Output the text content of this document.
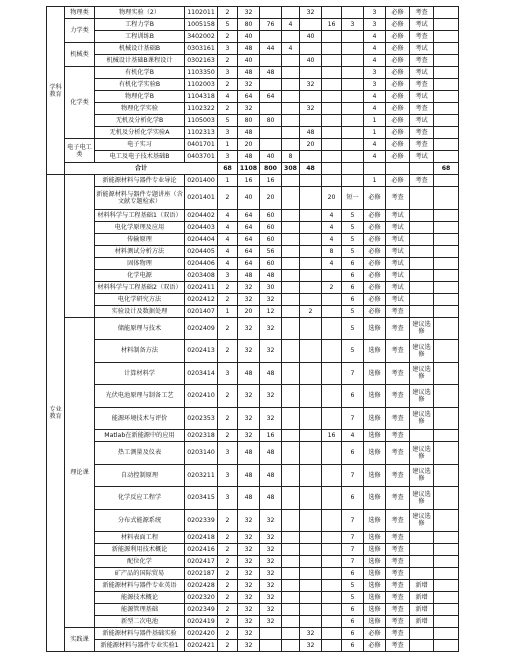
学科教育	物理类	物理实验（2）	1102011	2	32			32			3	必修	考查		
	力学类	工程力学B	1005158	5	80	76	4		16	3	3	必修	考试		
		工程训练B	3402002	2	40			40			4	必修	考查		
	机械类	机械设计基础B	0303161	3	48	44	4				4	必修	考试		
		机械设计基础B课程设计	0302163	2	40			40			4	必修	考查		
	化学类	有机化学B	1103350	3	48	48					3	必修	考试		
		有机化学实验B	1102003	2	32			32			3	必修	考查		
		物理化学B	1104318	4	64	64					4	必修	考试		
		物理化学实验	1102322	2	32			32			4	必修	考查		
		无机及分析化学B	1105003	5	80	80					1	必修	考试		
		无机及分析化学实验A	1102313	3	48			48			1	必修	考查		
	电子电工类	电子实习	0401701	1	20			20			4	必修	考查		
		电工及电子技术基础B	0403701	3	48	40	8				4	必修	考试		
	合计			68	1108	800	308	48						68	
专业教育		新能源材料与器件专业导论	0201400	1	16	16					1	必修	考查		
		新能源材料与器件专题讲座（含文献专题检索）	0201401	2	40	20			20	短一	必修	考查			
		材料科学与工程基础1（双语）	0204402	4	64	60			4	5	必修	考试			
		电化学原理及应用	0204403	4	64	60			4	5	必修	考试			
		传输原理	0204404	4	64	60			4	5	必修	考试			
		材料测试分析方法	0204405	4	64	56			8	5	必修	考试			
		固体物理	0204406	4	64	60			4	6	必修	考试			
		化学电源	0203408	3	48	48				6	必修	考试			
		材料科学与工程基础2（双语）	0202411	2	32	30			2	6	必修	考试			
		电化学研究方法	0202412	2	32	32				6	必修	考试			
		实验设计及数据处理	0201407	1	20	12		2		5	必修	考查			
	理论课	储能原理与技术	0202409	2	32	32				5	选修	考查	建议选修		
		材料制备方法	0202413	2	32	32				5	选修	考查	建议选修		
		计算材料学	0203414	3	48	48				7	选修	考查	建议选修		
		光伏电池原理与制备工艺	0202410	2	32	32				6	选修	考查	建议选修		
		能源环境技术与评价	0202353	2	32	32				7	选修	考查	建议选修		
		Matlab在新能源中的应用	0202318	2	32	16			16	4	选修	考查			
		热工测量及仪表	0203140	3	48	48				6	选修	考查	建议选修		
		自动控制原理	0203211	3	48	48				7	选修	考查	建议选修		
		化学反应工程学	0203415	3	48	48				6	选修	考查	建议选修		
		分布式能源系统	0202339	2	32	32				7	选修	考查	建议选修		
		材料表面工程	0202418	2	32	32				7	选修	考查			
		新能源利用技术概论	0202416	2	32	32				7	选修	考查			
		配位化学	0202417	2	32	32				7	选修	考查			
		矿产品的国际贸易	0202187	2	32	32				6	选修	考查			
		新能源材料与器件专业英语	0202428	2	32	32				5	选修	考查	新增		
		能源技术概论	0202320	2	32	32				5	选修	考查	新增		
		能源管理基础	0202349	2	32	32				6	选修	考查	新增		
		新型二次电池	0202419	2	32	32				6	选修	考查	新增		
	实践课	新能源材料与器件基础实验	0202420	2	32			32		6	必修	考查			
		新能源材料与器件专业实验1	0202421	2	32			32		6	必修	考查			
